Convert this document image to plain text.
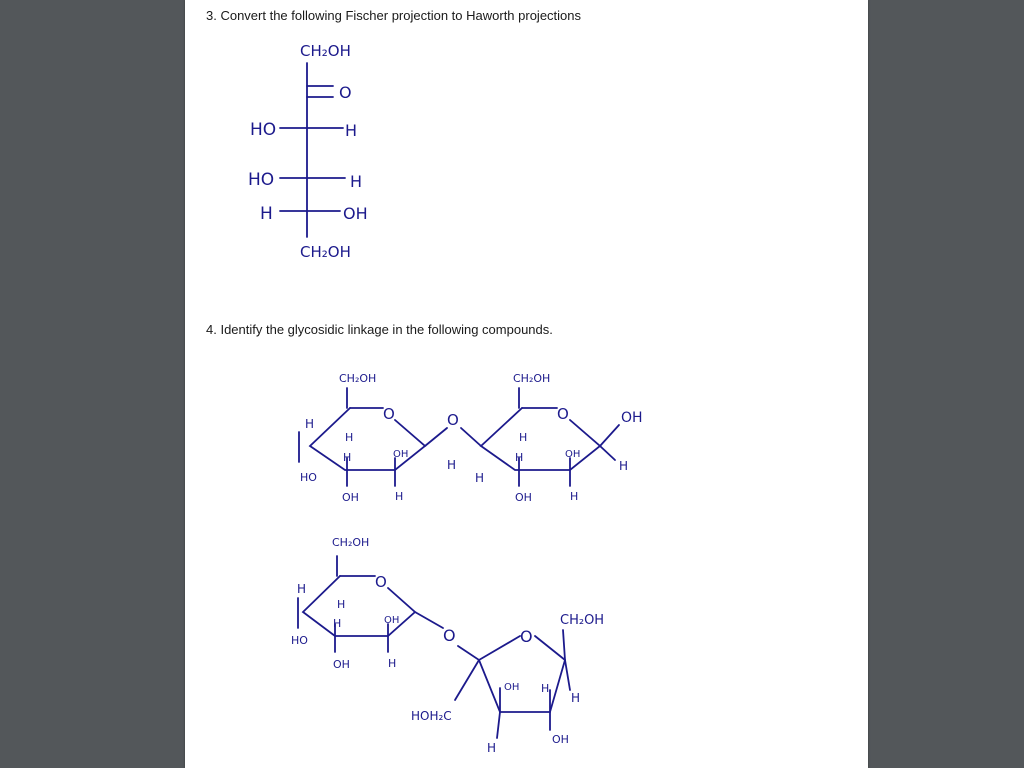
3. Convert the following Fischer projection to Haworth projections
4. Identify the glycosidic linkage in the following compounds.
CH₂OH
O
HO	H
HO	H
H	OH
CH₂OH
CH₂OH
O
H
H
H	OH
HO
OH	H
O
H
H
CH₂OH
O
H
H	OH
OH	H
OH
H
CH₂OH
O
H
H
H	OH
HO
OH	H
O	O
CH₂OH
HOH₂C
OH H
H
H
OH
